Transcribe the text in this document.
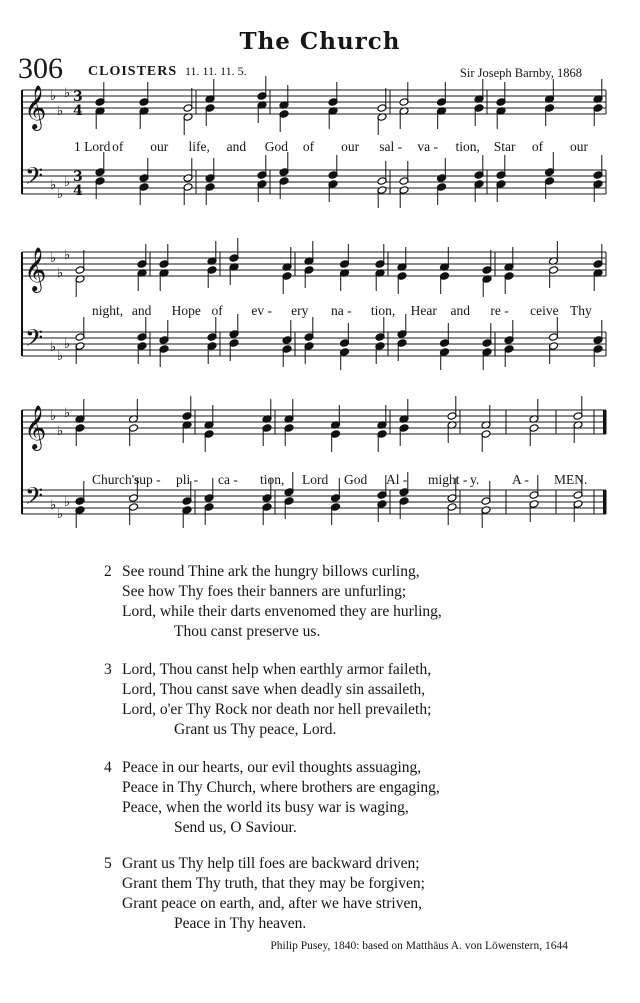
The Church
306 CLOISTERS 11. 11. 11. 5.	Sir Joseph Barnby, 1868
𝄞
𝄢
♭
♭
♭
♭
♭
♭
3
4
3
4
𝄞
𝄢
♭
♭
♭
♭
♭
♭
𝄞
𝄢
♭
♭
♭
♭
♭
♭
1 Lord of our life, and God of our sal - va - tion, Star of our
night, and Hope of ev - ery na - tion, Hear and re - ceive Thy
Church's
sup - pli - ca - tion, Lord God Al - might - y. A - MEN.
2 See round Thine ark the hungry billows curling,
See how Thy foes their banners are unfurling;
Lord, while their darts envenomed they are hurling,
Thou canst preserve us.
3 Lord, Thou canst help when earthly armor faileth,
Lord, Thou canst save when deadly sin assaileth,
Lord, o'er Thy Rock nor death nor hell prevaileth;
Grant us Thy peace, Lord.
4 Peace in our hearts, our evil thoughts assuaging,
Peace in Thy Church, where brothers are engaging,
Peace, when the world its busy war is waging,
Send us, O Saviour.
5 Grant us Thy help till foes are backward driven;
Grant them Thy truth, that they may be forgiven;
Grant peace on earth, and, after we have striven,
Peace in Thy heaven.
Philip Pusey, 1840: based on Matthäus A. von Löwenstern, 1644
